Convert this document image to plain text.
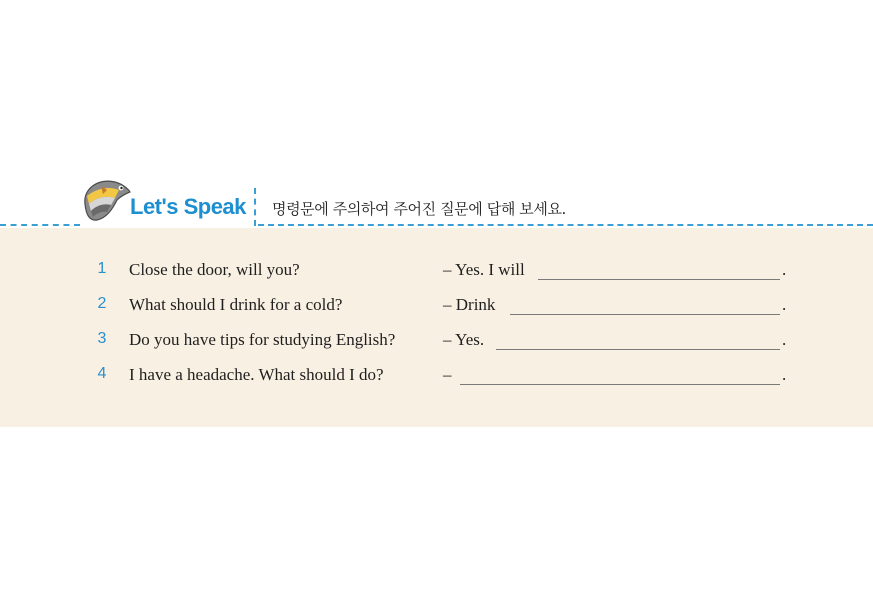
Let's Speak 명령문에 주의하여 주어진 질문에 답해 보세요.
1 Close the door, will you?	– Yes. I will	.
2 What should I drink for a cold?	– Drink	.
3 Do you have tips for studying English?	– Yes.	.
4 I have a headache. What should I do?	–	.
